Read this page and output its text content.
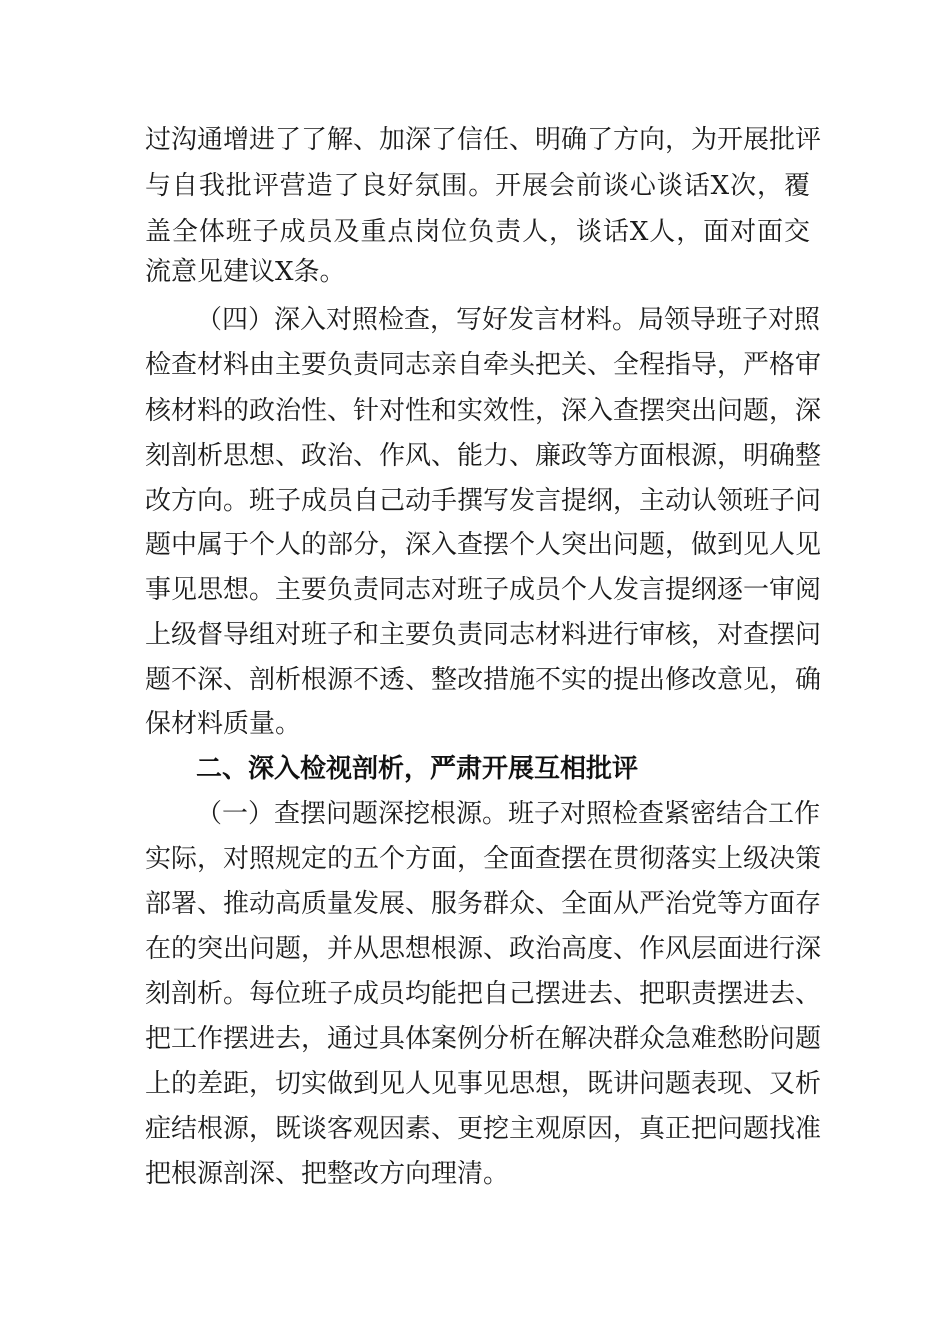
过沟通增进了了解、加深了信任、明确了方向，为开展批评
与自我批评营造了良好氛围。开展会前谈心谈话X次，覆
盖全体班子成员及重点岗位负责人，谈话X人，面对面交
流意见建议X条。
（四）深入对照检查，写好发言材料。局领导班子对照
检查材料由主要负责同志亲自牵头把关、全程指导，严格审
核材料的政治性、针对性和实效性，深入查摆突出问题，深
刻剖析思想、政治、作风、能力、廉政等方面根源，明确整
改方向。班子成员自己动手撰写发言提纲，主动认领班子问
题中属于个人的部分，深入查摆个人突出问题，做到见人见
事见思想。主要负责同志对班子成员个人发言提纲逐一审阅
上级督导组对班子和主要负责同志材料进行审核，对查摆问
题不深、剖析根源不透、整改措施不实的提出修改意见，确
保材料质量。
二、深入检视剖析，严肃开展互相批评
（一）查摆问题深挖根源。班子对照检查紧密结合工作
实际，对照规定的五个方面，全面查摆在贯彻落实上级决策
部署、推动高质量发展、服务群众、全面从严治党等方面存
在的突出问题，并从思想根源、政治高度、作风层面进行深
刻剖析。每位班子成员均能把自己摆进去、把职责摆进去、
把工作摆进去，通过具体案例分析在解决群众急难愁盼问题
上的差距，切实做到见人见事见思想，既讲问题表现、又析
症结根源，既谈客观因素、更挖主观原因，真正把问题找准
把根源剖深、把整改方向理清。
